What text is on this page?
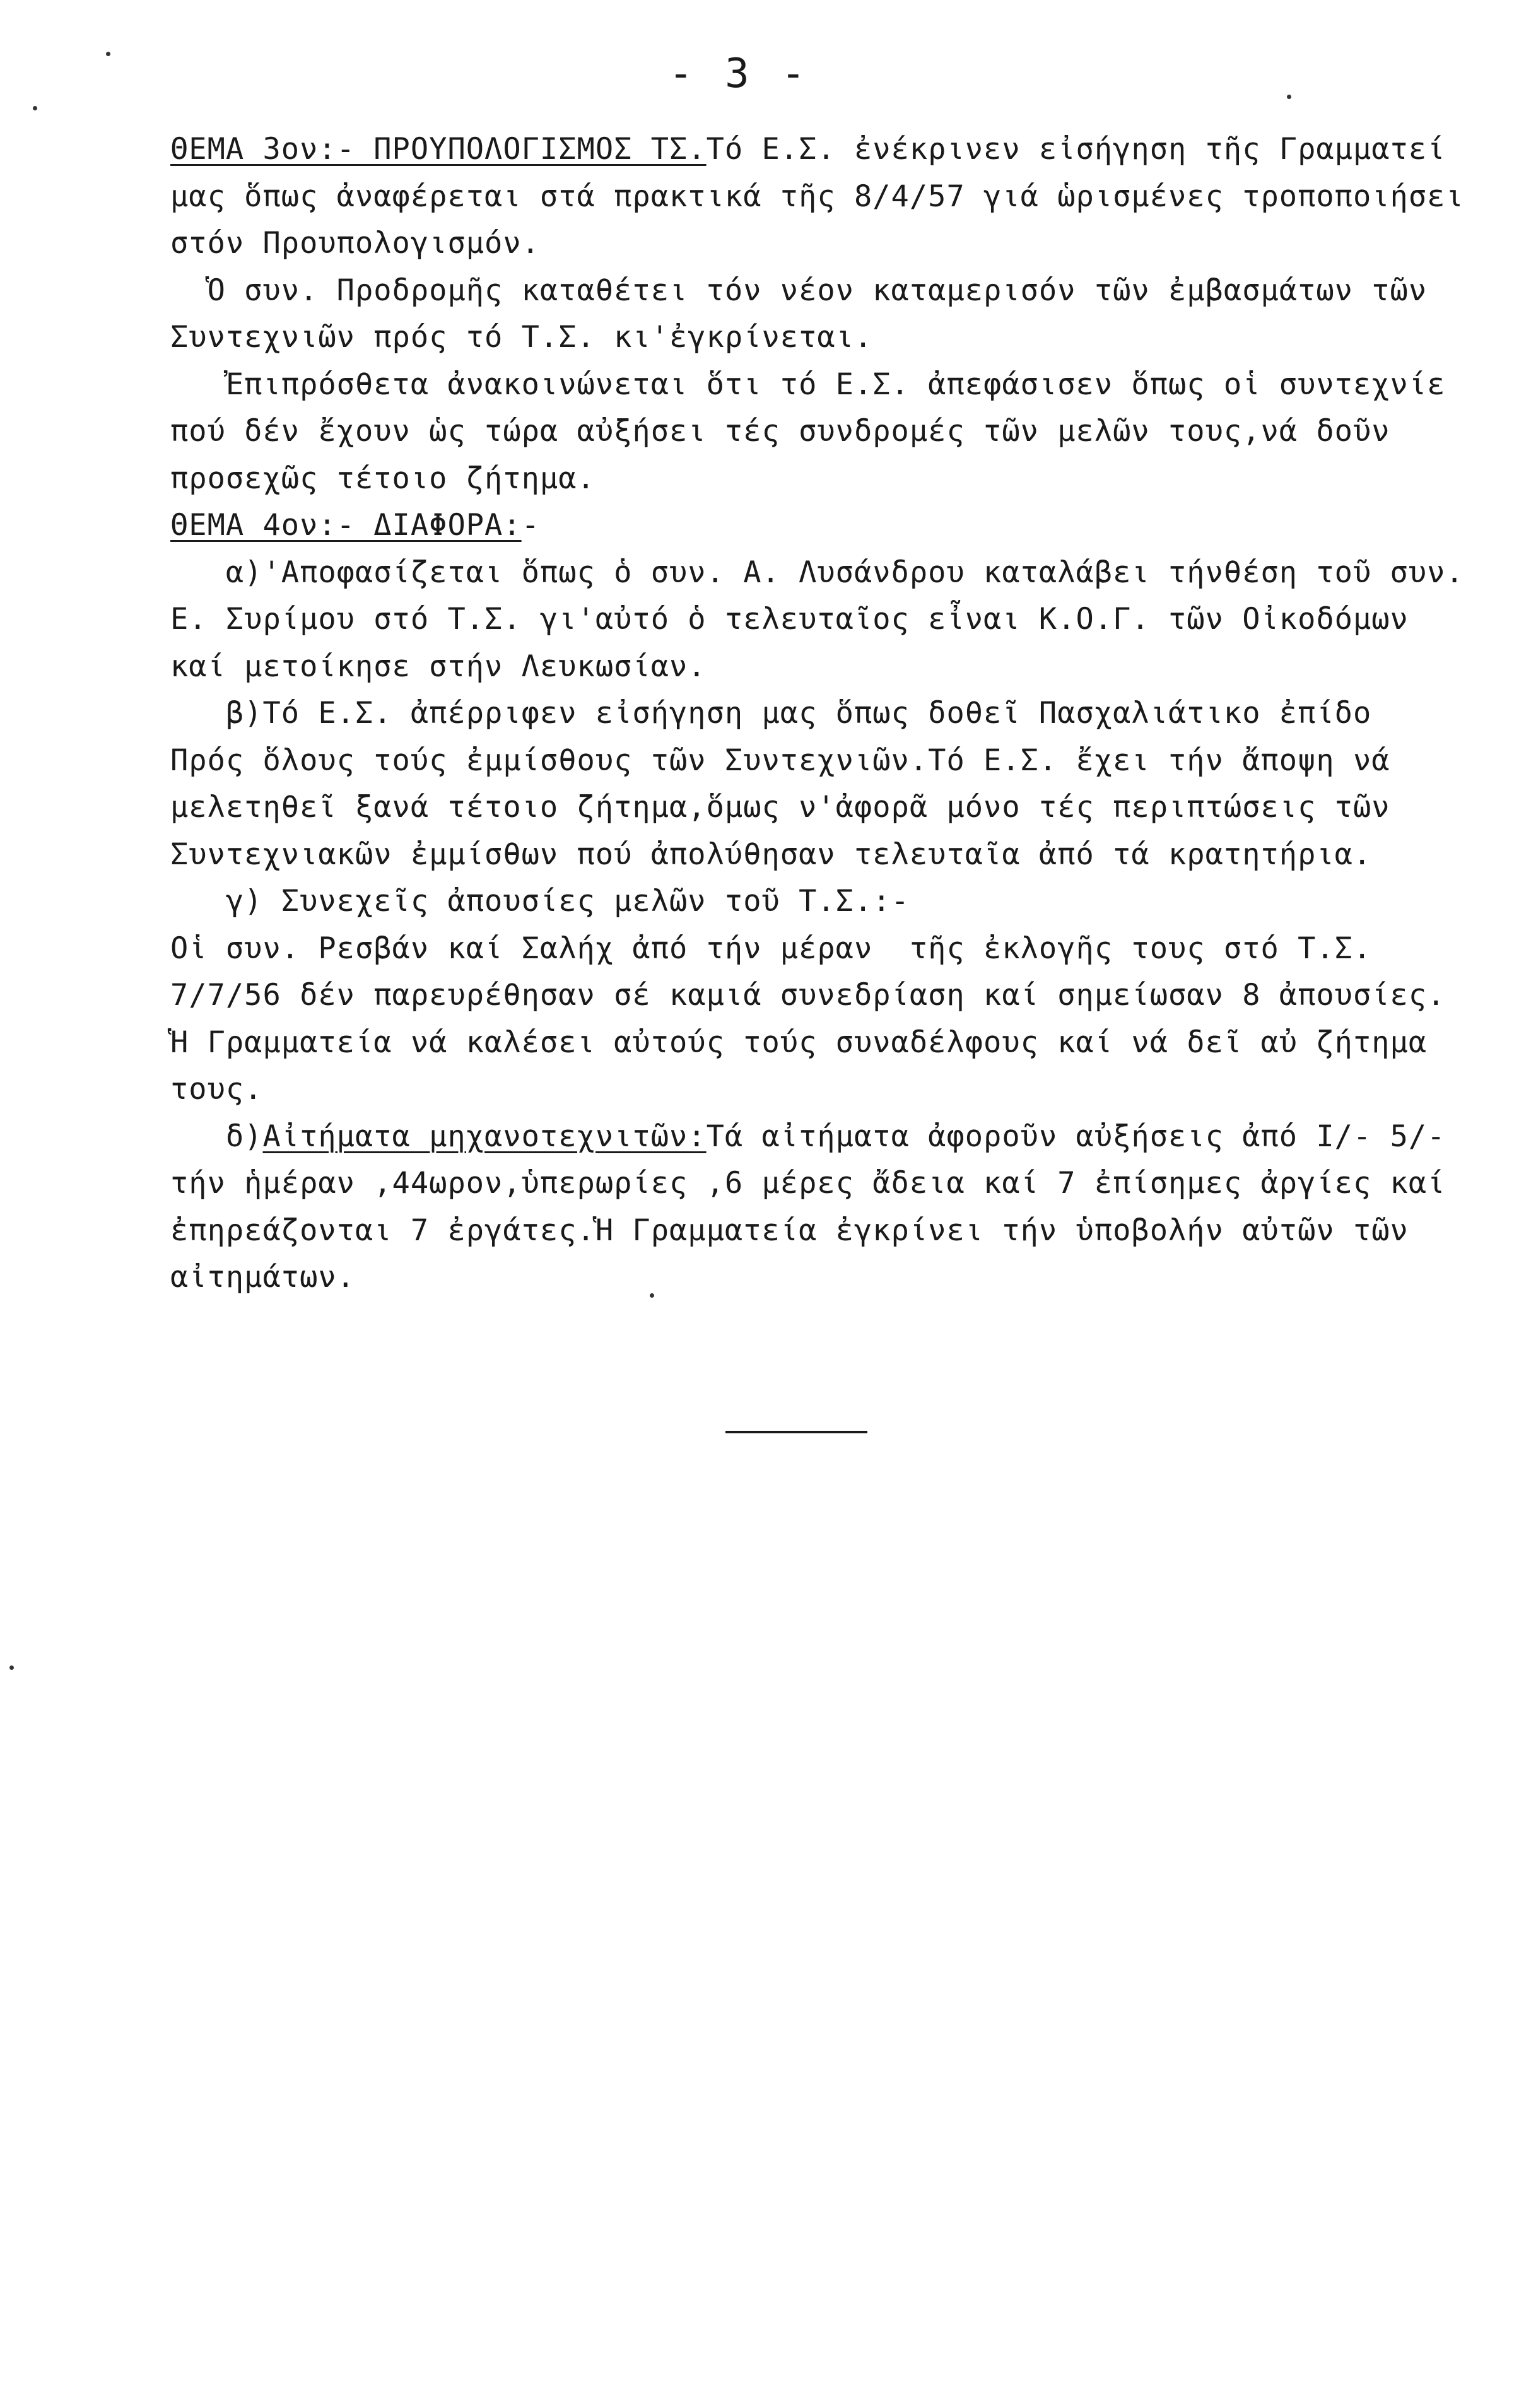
- 3 -
ΘΕΜΑ 3ον:- ΠΡΟΥΠΟΛΟΓΙΣΜΟΣ ΤΣ.Τό Ε.Σ. ἐνέκρινεν εἰσήγηση τῆς Γραμματεί
μας ὅπως ἀναφέρεται στά πρακτικά τῆς 8/4/57 γιά ὡρισμένες τροποποιήσει
στόν Προυπολογισμόν.
Ὁ συν. Προδρομῆς καταθέτει τόν νέον καταμερισόν τῶν ἐμβασμάτων τῶν
Συντεχνιῶν πρός τό Τ.Σ. κι'ἐγκρίνεται.
Ἐπιπρόσθετα ἀνακοινώνεται ὅτι τό Ε.Σ. ἀπεφάσισεν ὅπως οἱ συντεχνίε
πού δέν ἔχουν ὡς τώρα αὐξήσει τές συνδρομές τῶν μελῶν τους,νά δοῦν
προσεχῶς τέτοιο ζήτημα.
ΘΕΜΑ 4ον:- ΔΙΑΦΟΡΑ:-
α)'Αποφασίζεται ὅπως ὁ συν. Α. Λυσάνδρου καταλάβει τήνθέση τοῦ συν.
Ε. Συρίμου στό Τ.Σ. γι'αὐτό ὁ τελευταῖος εἶναι Κ.Ο.Γ. τῶν Οἰκοδόμων
καί μετοίκησε στήν Λευκωσίαν.
β)Τό Ε.Σ. ἀπέρριφεν εἰσήγηση μας ὅπως δοθεῖ Πασχαλιάτικο ἐπίδο
Πρός ὅλους τούς ἐμμίσθους τῶν Συντεχνιῶν.Τό Ε.Σ. ἔχει τήν ἄποψη νά
μελετηθεῖ ξανά τέτοιο ζήτημα,ὅμως ν'ἀφορᾶ μόνο τές περιπτώσεις τῶν
Συντεχνιακῶν ἐμμίσθων πού ἀπολύθησαν τελευταῖα ἀπό τά κρατητήρια.
γ) Συνεχεῖς ἀπουσίες μελῶν τοῦ Τ.Σ.:-
Οἱ συν. Ρεσβάν καί Σαλήχ ἀπό τήν μέραν  τῆς ἐκλογῆς τους στό Τ.Σ.
7/7/56 δέν παρευρέθησαν σέ καμιά συνεδρίαση καί σημείωσαν 8 ἀπουσίες.
Ἡ Γραμματεία νά καλέσει αὐτούς τούς συναδέλφους καί νά δεῖ αὐ ζήτημα
τους.
δ)Αἰτήματα μηχανοτεχνιτῶν:Τά αἰτήματα ἀφοροῦν αὐξήσεις ἀπό Ι/- 5/-
τήν ἡμέραν ,44ωρον,ὑπερωρίες ,6 μέρες ἄδεια καί 7 ἐπίσημες ἀργίες καί
ἐπηρεάζονται 7 ἐργάτες.Ἡ Γραμματεία ἐγκρίνει τήν ὑποβολήν αὐτῶν τῶν
αἰτημάτων.
